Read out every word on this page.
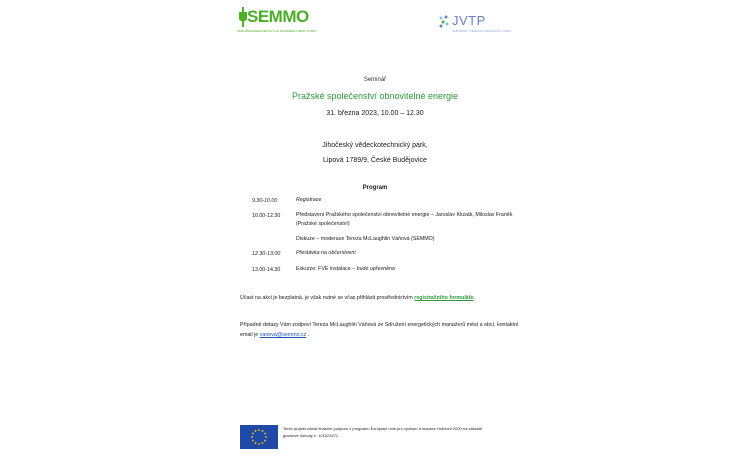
SEMMO
SDRUŽENÍ ENERGETICKÝCH MANAŽERŮ MĚST A OBCÍ
JVTP
JIHOČESKÝ VĚDECKOTECHNICKÝ PARK
Seminář
Pražské společenství obnovitelné energie
31. března 2023, 10.00 – 12.30
Jihočeský vědeckotechnický park,
Lipová 1789/9, České Budějovice
Program
9.30-10.00	Registrace
10.00-12.30	Představení Pražského společenství obnovitelné energie – Jaroslav Klusák, Miloslav Franěk (Pražské společenství)
Diskuze – moderace Tereza McLaughlin Váňová (SEMMO)
12.30-13.00	Přestávka na občerstvení
13.00-14.30	Exkurze: FVE instalace – bude upřesněno
Účast na akci je bezplatná, je však nutné se včas přihlásit prostřednictvím registračního formuláře.
Případné dotazy Vám zodpoví Tereza McLaughlin Váňová ze Sdružení energetických manažerů měst a obcí, kontaktní email je vanova@semmo.cz .
Tento projekt získal finanční podporu z programu Evropské unie pro výzkum a inovace Horizont 2020 na základě grantové dohody č. 101023271.
